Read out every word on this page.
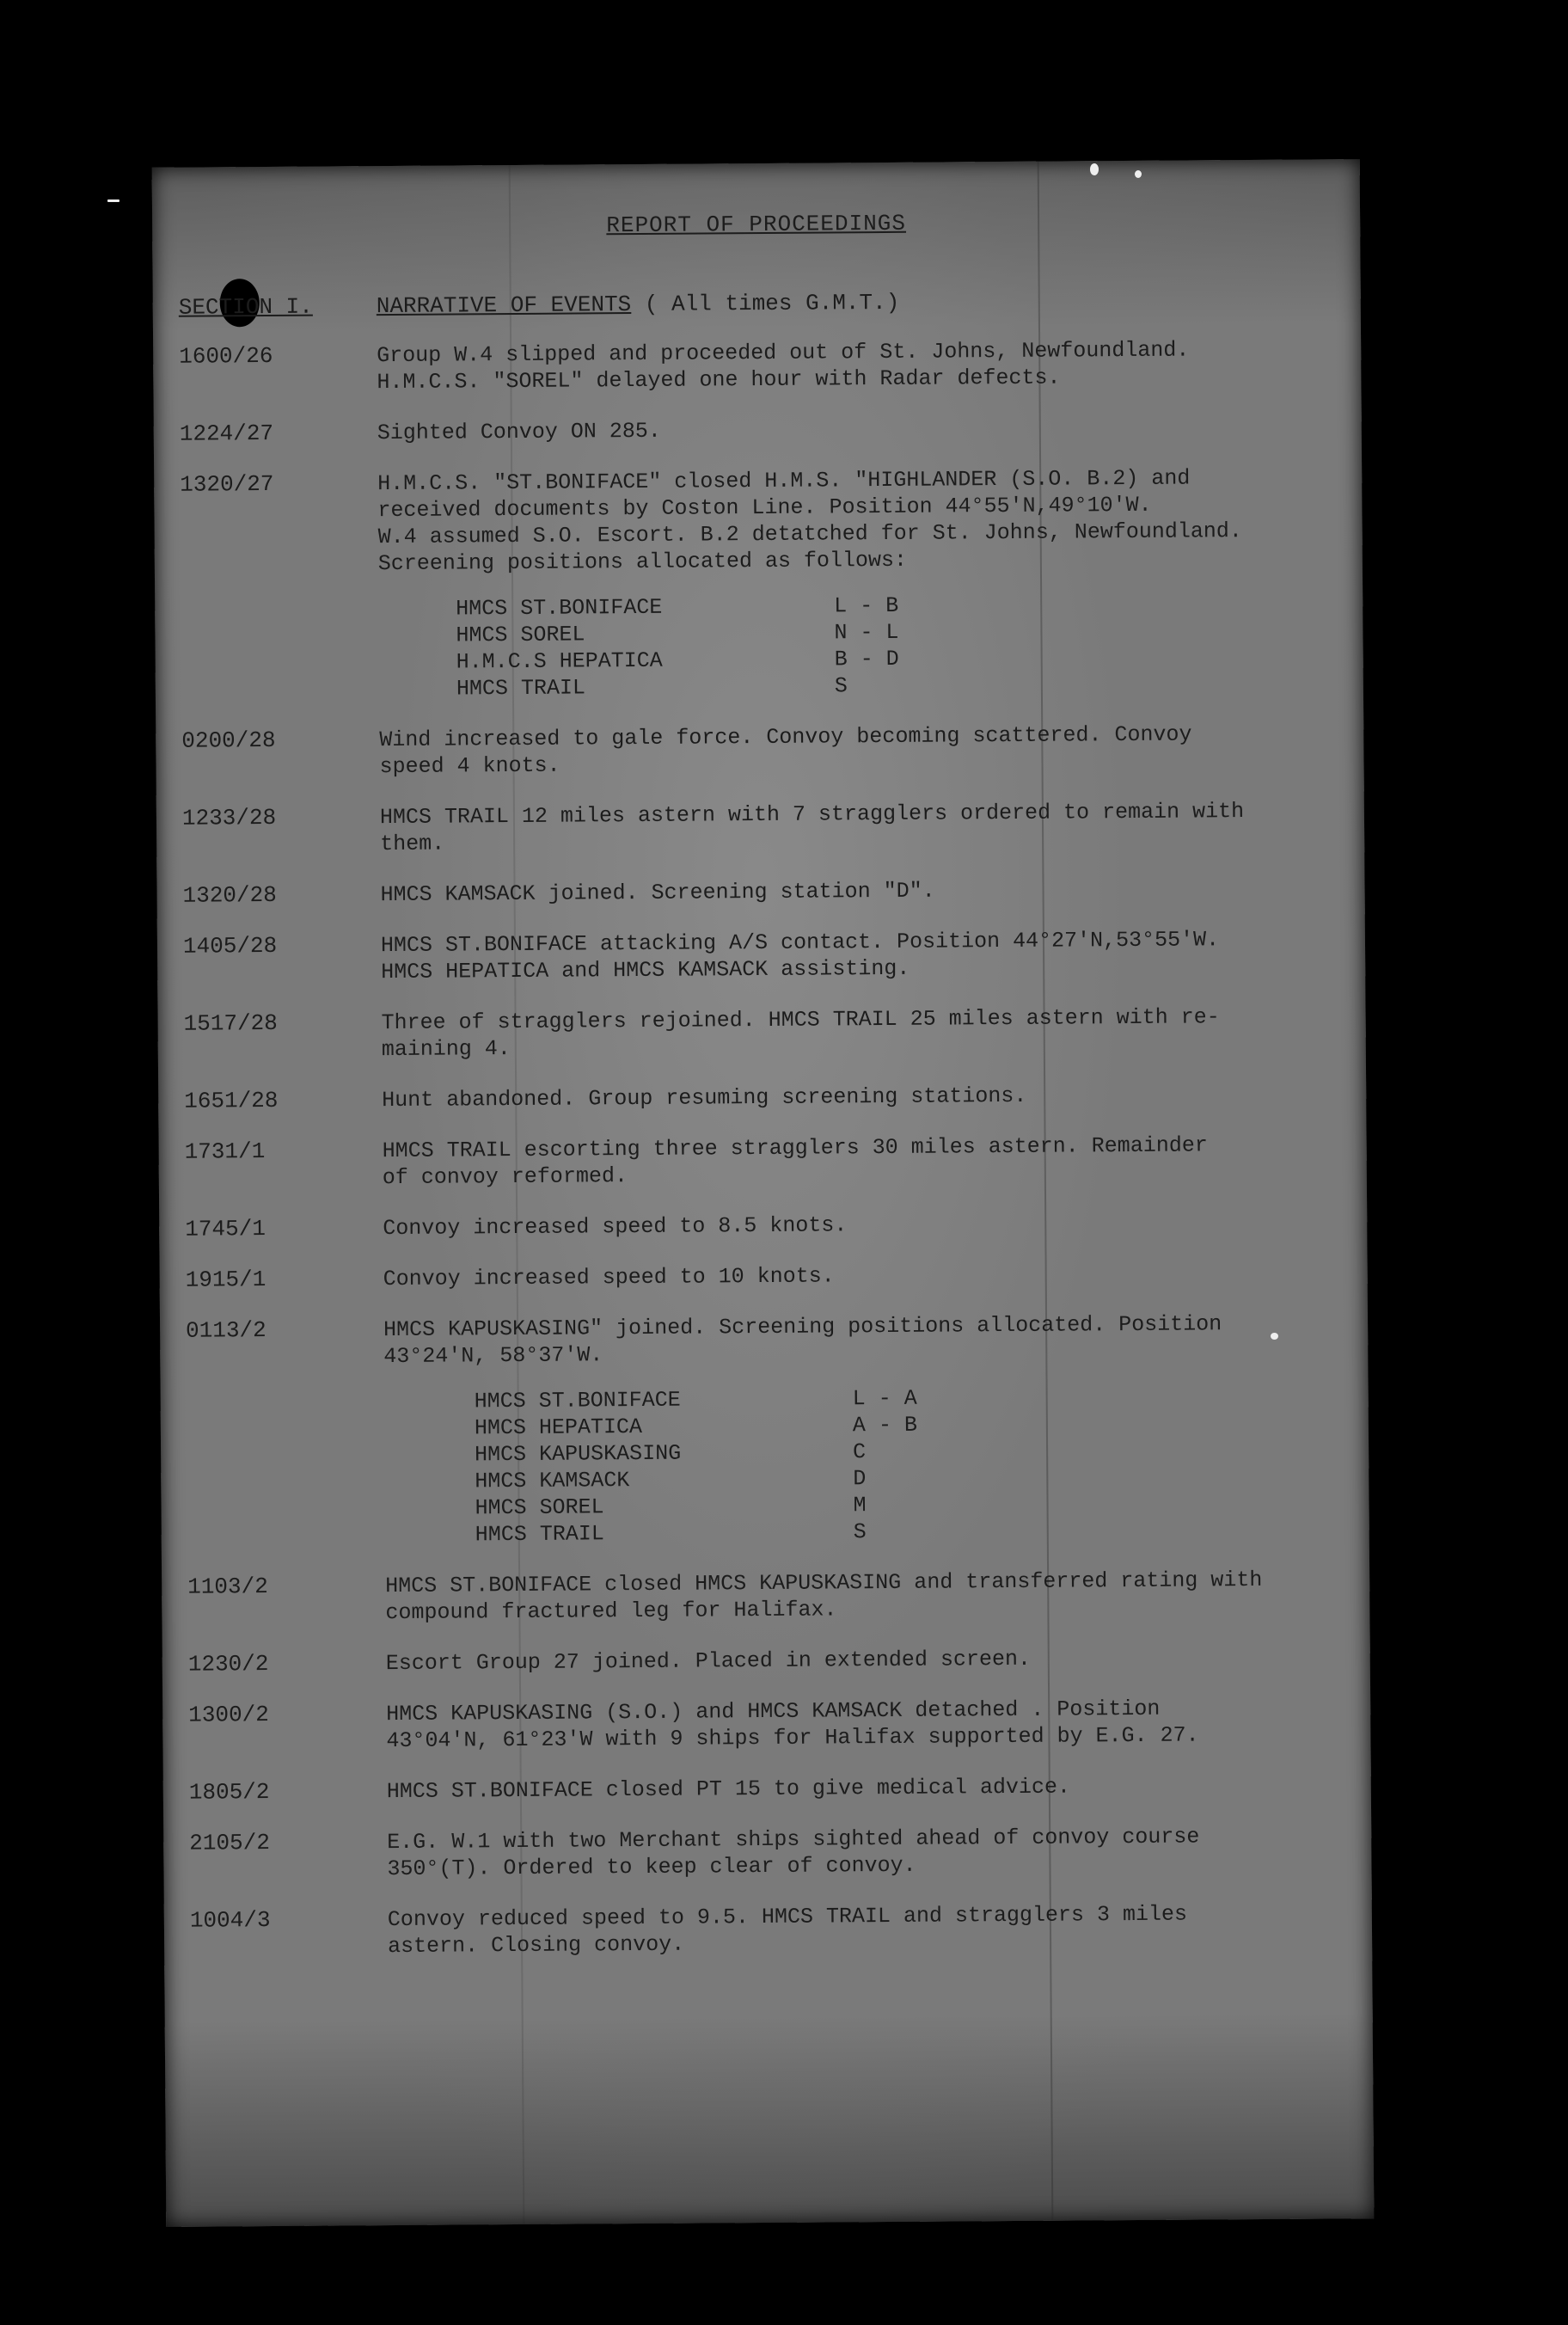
REPORT OF PROCEEDINGS
SECTION I.	NARRATIVE OF EVENTS ( All times G.M.T.)
1600/26	Group W.4 slipped and proceeded out of St. Johns, Newfoundland.
H.M.C.S. "SOREL" delayed one hour with Radar defects.
1224/27	Sighted Convoy ON 285.
1320/27	H.M.C.S. "ST.BONIFACE" closed H.M.S. "HIGHLANDER (S.O. B.2) and
received documents by Coston Line. Position 44°55'N,49°10'W.
W.4 assumed S.O. Escort. B.2 detatched for St. Johns, Newfoundland.
Screening positions allocated as follows:
HMCS ST.BONIFACE	L - B
HMCS SOREL	N - L
H.M.C.S HEPATICA	B - D
HMCS TRAIL	S
0200/28	Wind increased to gale force. Convoy becoming scattered. Convoy
speed 4 knots.
1233/28	HMCS TRAIL 12 miles astern with 7 stragglers ordered to remain with
them.
1320/28	HMCS KAMSACK joined. Screening station "D".
1405/28	HMCS ST.BONIFACE attacking A/S contact. Position 44°27'N,53°55'W.
HMCS HEPATICA and HMCS KAMSACK assisting.
1517/28	Three of stragglers rejoined. HMCS TRAIL 25 miles astern with re-
maining 4.
1651/28	Hunt abandoned. Group resuming screening stations.
1731/1	HMCS TRAIL escorting three stragglers 30 miles astern. Remainder
of convoy reformed.
1745/1	Convoy increased speed to 8.5 knots.
1915/1	Convoy increased speed to 10 knots.
0113/2	HMCS KAPUSKASING" joined. Screening positions allocated. Position
43°24'N, 58°37'W.
HMCS ST.BONIFACE	L - A
HMCS HEPATICA	A - B
HMCS KAPUSKASING	C
HMCS KAMSACK	D
HMCS SOREL	M
HMCS TRAIL	S
1103/2	HMCS ST.BONIFACE closed HMCS KAPUSKASING and transferred rating with
compound fractured leg for Halifax.
1230/2	Escort Group 27 joined. Placed in extended screen.
1300/2	HMCS KAPUSKASING (S.O.) and HMCS KAMSACK detached . Position
43°04'N, 61°23'W with 9 ships for Halifax supported by E.G. 27.
1805/2	HMCS ST.BONIFACE closed PT 15 to give medical advice.
2105/2	E.G. W.1 with two Merchant ships sighted ahead of convoy course
350°(T). Ordered to keep clear of convoy.
1004/3	Convoy reduced speed to 9.5. HMCS TRAIL and stragglers 3 miles
astern. Closing convoy.
